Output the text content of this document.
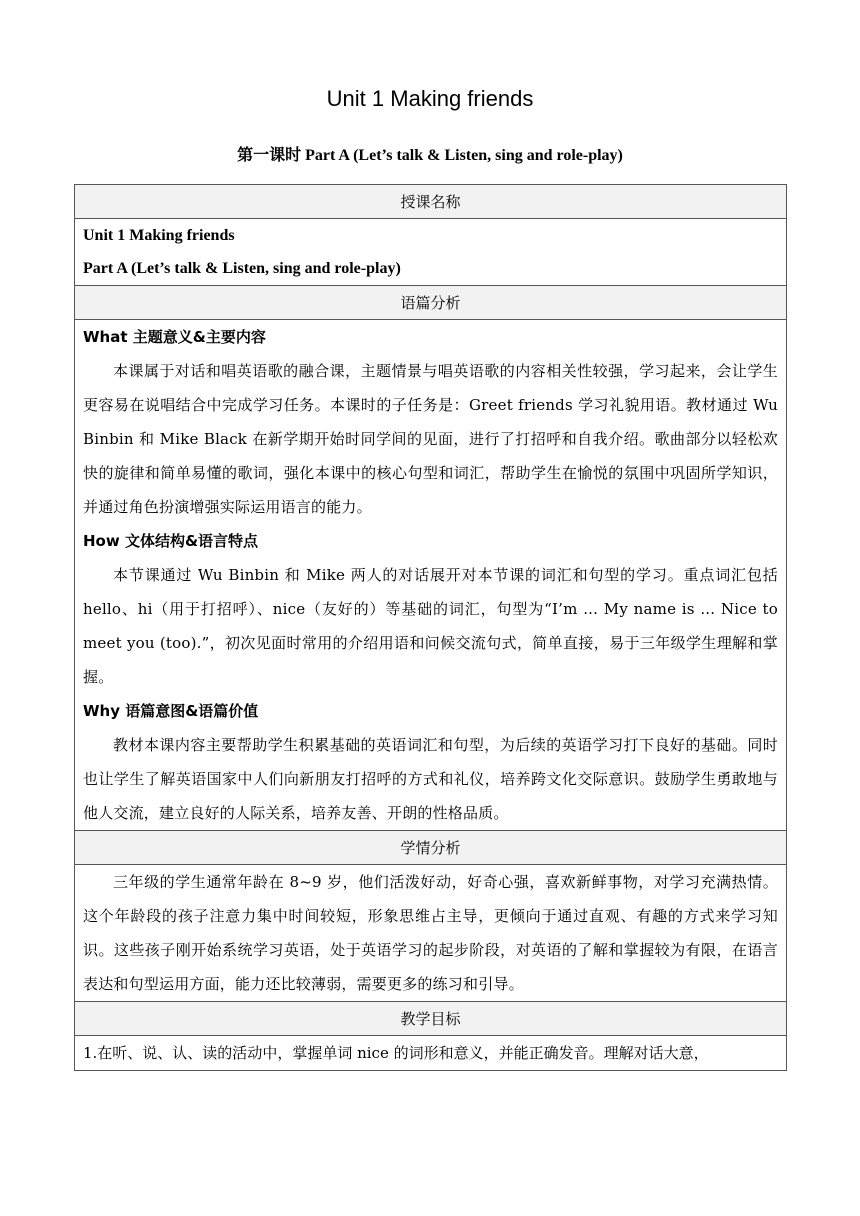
Unit 1 Making friends
第一课时 Part A (Let’s talk & Listen, sing and role-play)
授课名称

Unit 1 Making friends
Part A (Let’s talk & Listen, sing and role-play)

语篇分析

What 主题意义&主要内容

本课属于对话和唱英语歌的融合课，主题情景与唱英语歌的内容相关性较强，学习起来，会让学生更容易在说唱结合中完成学习任务。本课时的子任务是：Greet friends 学习礼貌用语。教材通过 Wu Binbin 和 Mike Black 在新学期开始时同学间的见面，进行了打招呼和自我介绍。歌曲部分以轻松欢快的旋律和简单易懂的歌词，强化本课中的核心句型和词汇，帮助学生在愉悦的氛围中巩固所学知识，并通过角色扮演增强实际运用语言的能力。

How 文体结构&语言特点

本节课通过 Wu Binbin 和 Mike 两人的对话展开对本节课的词汇和句型的学习。重点词汇包括 hello、hi（用于打招呼）、nice（友好的）等基础的词汇，句型为“I’m ... My name is ... Nice to meet you (too).”，初次见面时常用的介绍用语和问候交流句式，简单直接，易于三年级学生理解和掌握。

Why 语篇意图&语篇价值

教材本课内容主要帮助学生积累基础的英语词汇和句型，为后续的英语学习打下良好的基础。同时也让学生了解英语国家中人们向新朋友打招呼的方式和礼仪，培养跨文化交际意识。鼓励学生勇敢地与他人交流，建立良好的人际关系，培养友善、开朗的性格品质。

学情分析

三年级的学生通常年龄在 8~9 岁，他们活泼好动，好奇心强，喜欢新鲜事物，对学习充满热情。这个年龄段的孩子注意力集中时间较短，形象思维占主导，更倾向于通过直观、有趣的方式来学习知识。这些孩子刚开始系统学习英语，处于英语学习的起步阶段，对英语的了解和掌握较为有限，在语言表达和句型运用方面，能力还比较薄弱，需要更多的练习和引导。

教学目标

1.在听、说、认、读的活动中，掌握单词 nice 的词形和意义，并能正确发音。理解对话大意，
